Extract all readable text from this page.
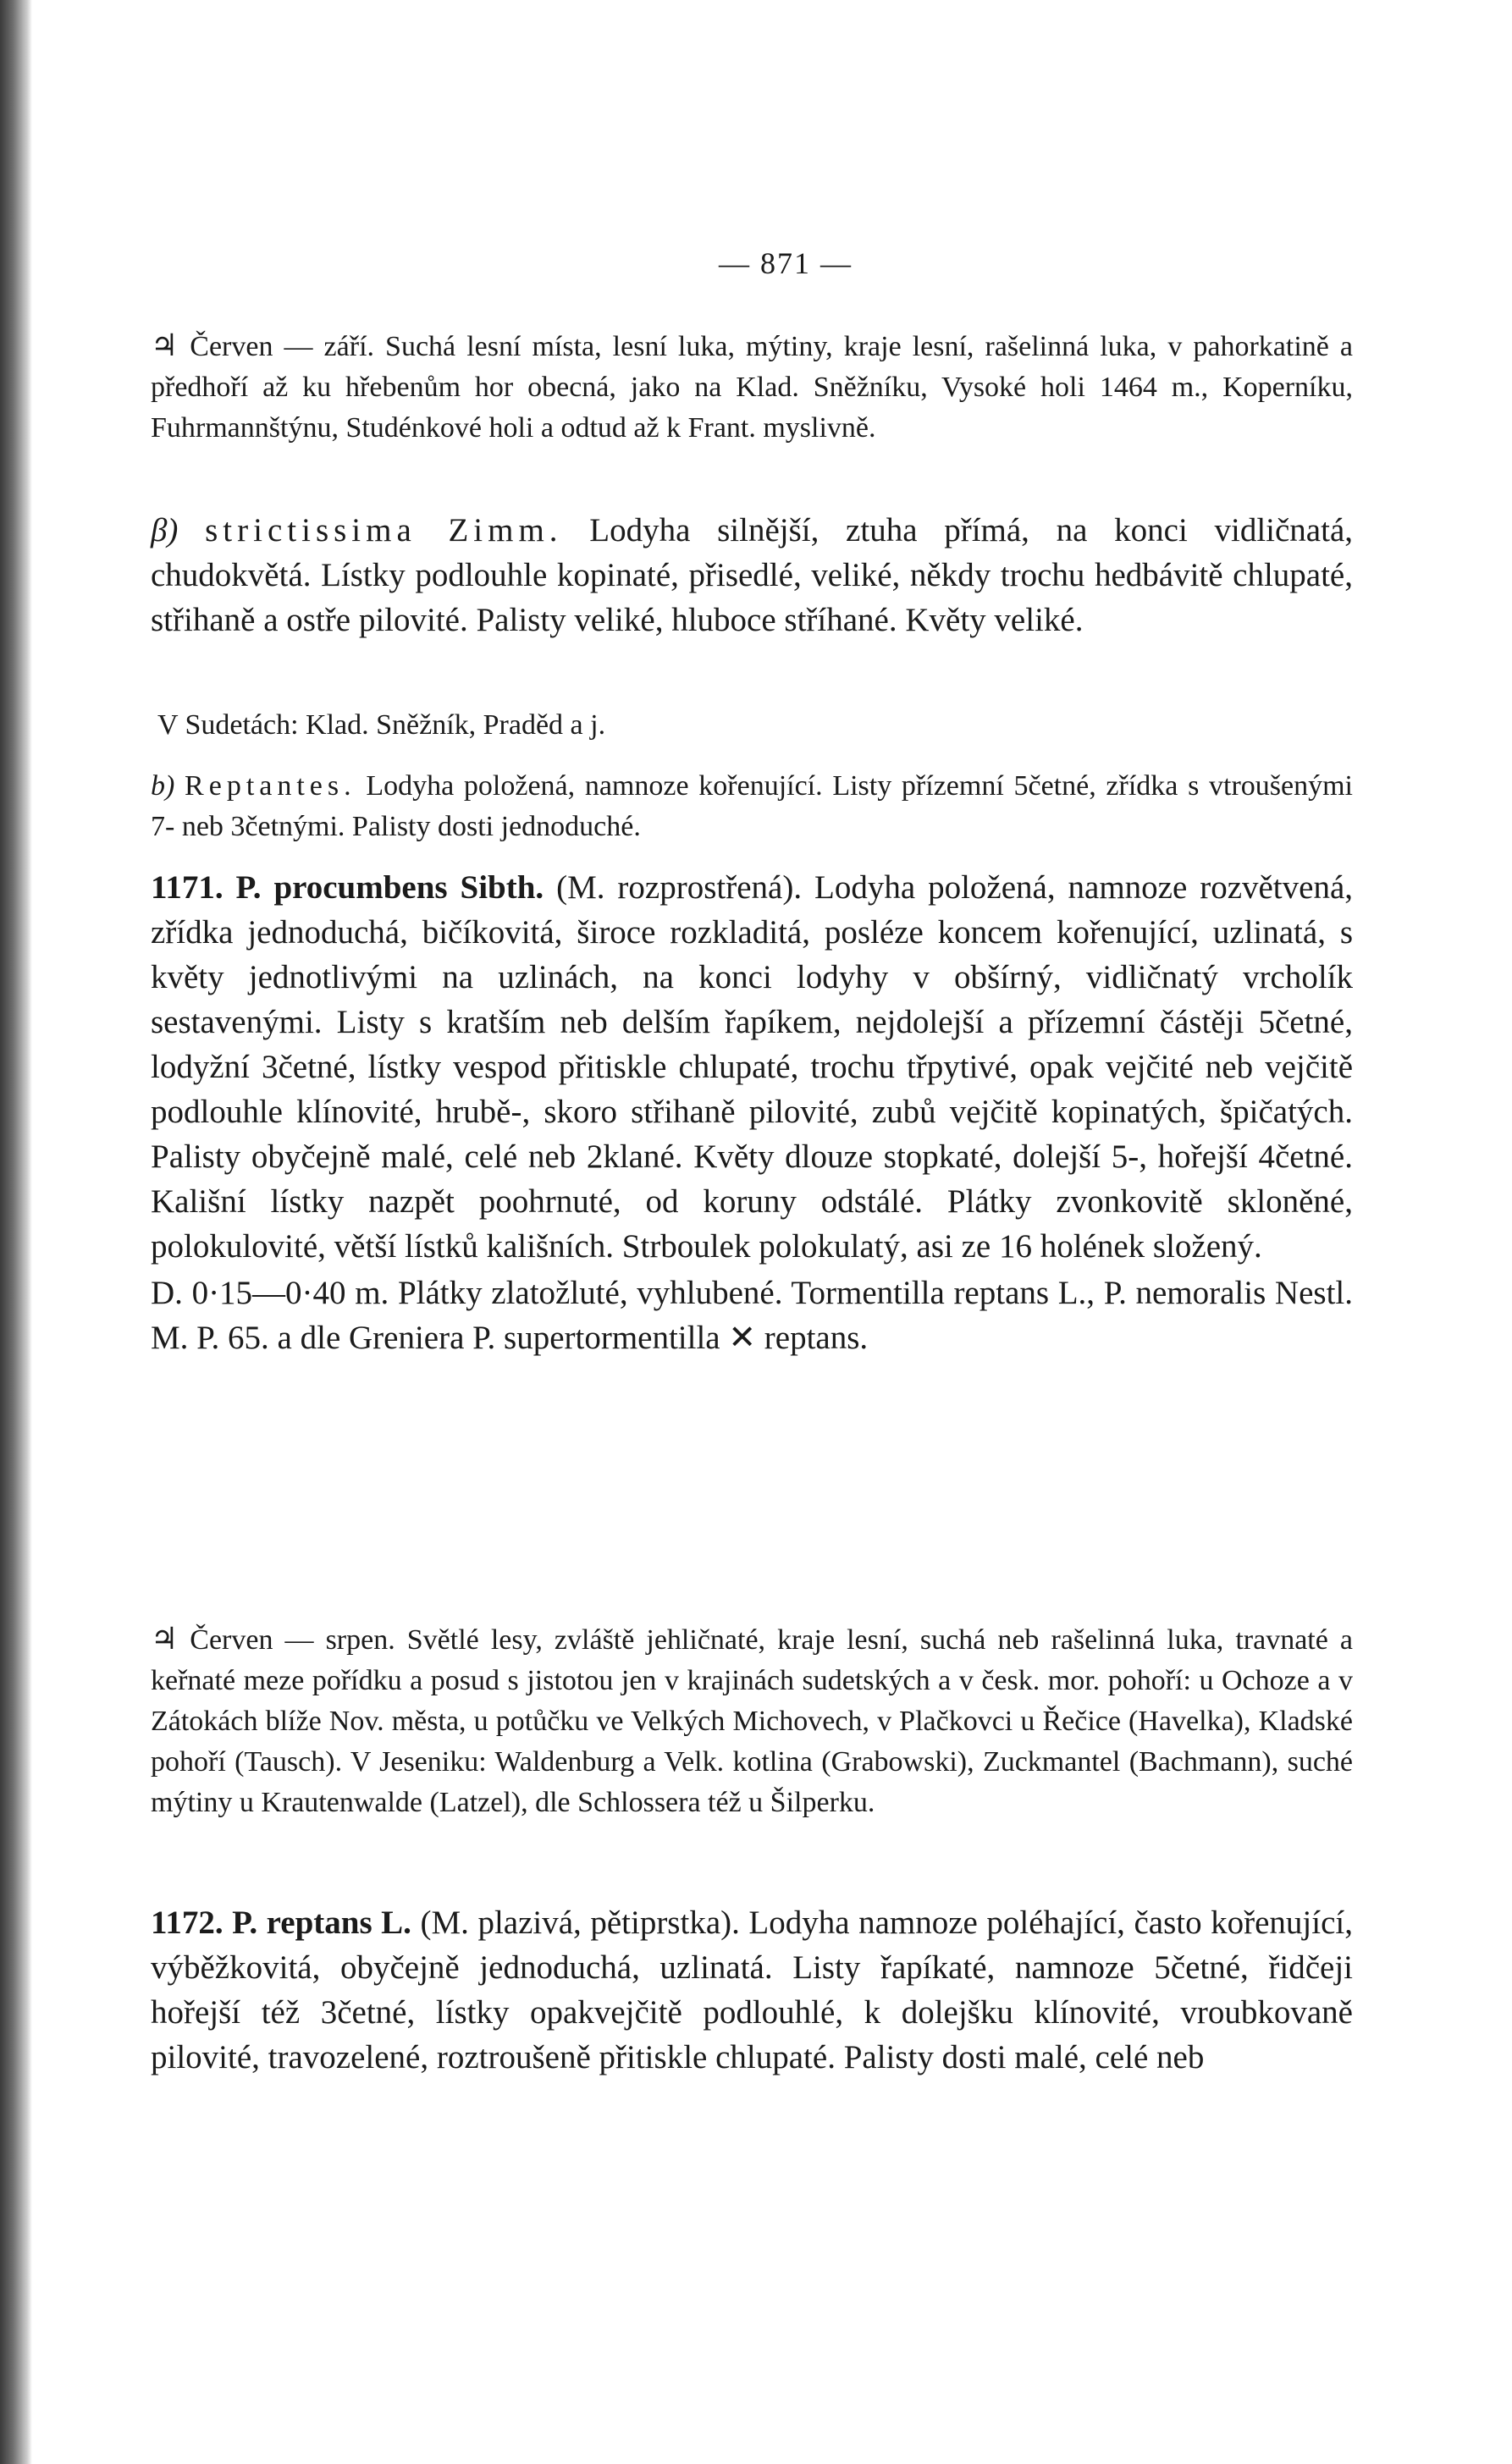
— 871 —

♃ Červen — září. Suchá lesní místa, lesní luka, mýtiny, kraje lesní, rašelinná luka, v pahorkatině a předhoří až ku hřebenům hor obecná, jako na Klad. Sněžníku, Vysoké holi 1464 m., Koperníku, Fuhrmannštýnu, Studénkové holi a odtud až k Frant. myslivně.

β) strictissima Zimm. Lodyha silnější, ztuha přímá, na konci vidličnatá, chudokvětá. Lístky podlouhle kopinaté, přisedlé, veliké, někdy trochu hedbávitě chlupaté, střihaně a ostře pilovité. Palisty veliké, hluboce stříhané. Květy veliké.

V Sudetách: Klad. Sněžník, Praděd a j.

b) Reptantes. Lodyha položená, namnoze kořenující. Listy přízemní 5četné, zřídka s vtroušenými 7- neb 3četnými. Palisty dosti jednoduché.

1171. P. procumbens Sibth. (M. rozprostřená). Lodyha položená, namnoze rozvětvená, zřídka jednoduchá, bičíkovitá, široce rozkladitá, posléze koncem kořenující, uzlinatá, s květy jednotlivými na uzlinách, na konci lodyhy v obšírný, vidličnatý vrcholík sestavenými. Listy s kratším neb delším řapíkem, nejdolejší a přízemní částěji 5četné, lodyžní 3četné, lístky vespod přitiskle chlupaté, trochu třpytivé, opak vejčité neb vejčitě podlouhle klínovité, hrubě-, skoro střihaně pilovité, zubů vejčitě kopinatých, špičatých. Palisty obyčejně malé, celé neb 2klané. Květy dlouze stopkaté, dolejší 5-, hořejší 4četné. Kališní lístky nazpět poohrnuté, od koruny odstálé. Plátky zvonkovitě skloněné, polokulovité, větší lístků kališních. Strboulek polokulatý, asi ze 16 holének složený.

D. 0·15—0·40 m. Plátky zlatožluté, vyhlubené. Tormentilla reptans L., P. nemoralis Nestl. M. P. 65. a dle Greniera P. supertormentilla ✕ reptans.

♃ Červen — srpen. Světlé lesy, zvláště jehličnaté, kraje lesní, suchá neb rašelinná luka, travnaté a keřnaté meze pořídku a posud s jistotou jen v krajinách sudetských a v česk. mor. pohoří: u Ochoze a v Zátokách blíže Nov. města, u potůčku ve Velkých Michovech, v Plačkovci u Řečice (Havelka), Kladské pohoří (Tausch). V Jeseniku: Waldenburg a Velk. kotlina (Grabowski), Zuckmantel (Bachmann), suché mýtiny u Krautenwalde (Latzel), dle Schlossera též u Šilperku.

1172. P. reptans L. (M. plazivá, pětiprstka). Lodyha namnoze poléhající, často kořenující, výběžkovitá, obyčejně jednoduchá, uzlinatá. Listy řapíkaté, namnoze 5četné, řidčeji hořejší též 3četné, lístky opakvejčitě podlouhlé, k dolejšku klínovité, vroubkovaně pilovité, travozelené, roztroušeně přitiskle chlupaté. Palisty dosti malé, celé neb
